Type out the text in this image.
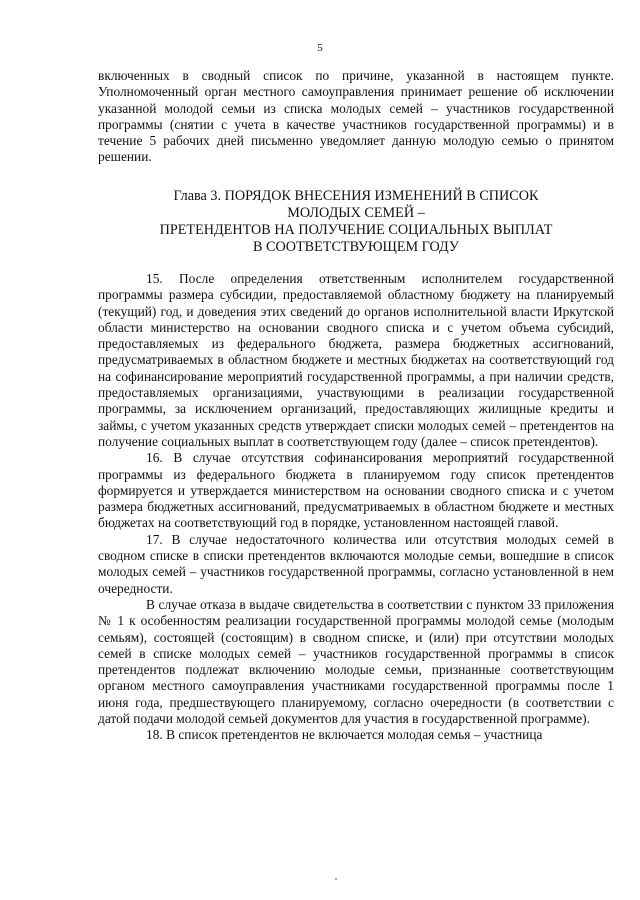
5

включенных в сводный список по причине, указанной в настоящем пункте. Уполномоченный орган местного самоуправления принимает решение об исключении указанной молодой семьи из списка молодых семей – участников государственной программы (снятии с учета в качестве участников государственной программы) и в течение 5 рабочих дней письменно уведомляет данную молодую семью о принятом решении.

Глава 3. ПОРЯДОК ВНЕСЕНИЯ ИЗМЕНЕНИЙ В СПИСОК
МОЛОДЫХ СЕМЕЙ –
ПРЕТЕНДЕНТОВ НА ПОЛУЧЕНИЕ СОЦИАЛЬНЫХ ВЫПЛАТ
В СООТВЕТСТВУЮЩЕМ ГОДУ

15. После определения ответственным исполнителем государственной программы размера субсидии, предоставляемой областному бюджету на планируемый (текущий) год, и доведения этих сведений до органов исполнительной власти Иркутской области министерство на основании сводного списка и с учетом объема субсидий, предоставляемых из федерального бюджета, размера бюджетных ассигнований, предусматриваемых в областном бюджете и местных бюджетах на соответствующий год на софинансирование мероприятий государственной программы, а при наличии средств, предоставляемых организациями, участвующими в реализации государственной программы, за исключением организаций, предоставляющих жилищные кредиты и займы, с учетом указанных средств утверждает списки молодых семей – претендентов на получение социальных выплат в соответствующем году (далее – список претендентов).

16. В случае отсутствия софинансирования мероприятий государственной программы из федерального бюджета в планируемом году список претендентов формируется и утверждается министерством на основании сводного списка и с учетом размера бюджетных ассигнований, предусматриваемых в областном бюджете и местных бюджетах на соответствующий год в порядке, установленном настоящей главой.

17. В случае недостаточного количества или отсутствия молодых семей в сводном списке в списки претендентов включаются молодые семьи, вошедшие в список молодых семей – участников государственной программы, согласно установленной в нем очередности.

В случае отказа в выдаче свидетельства в соответствии с пунктом 33 приложения № 1 к особенностям реализации государственной программы молодой семье (молодым семьям), состоящей (состоящим) в сводном списке, и (или) при отсутствии молодых семей в списке молодых семей – участников государственной программы в список претендентов подлежат включению молодые семьи, признанные соответствующим органом местного самоуправления участниками государственной программы после 1 июня года, предшествующего планируемому, согласно очередности (в соответствии с датой подачи молодой семьей документов для участия в государственной программе).

18. В список претендентов не включается молодая семья – участница
